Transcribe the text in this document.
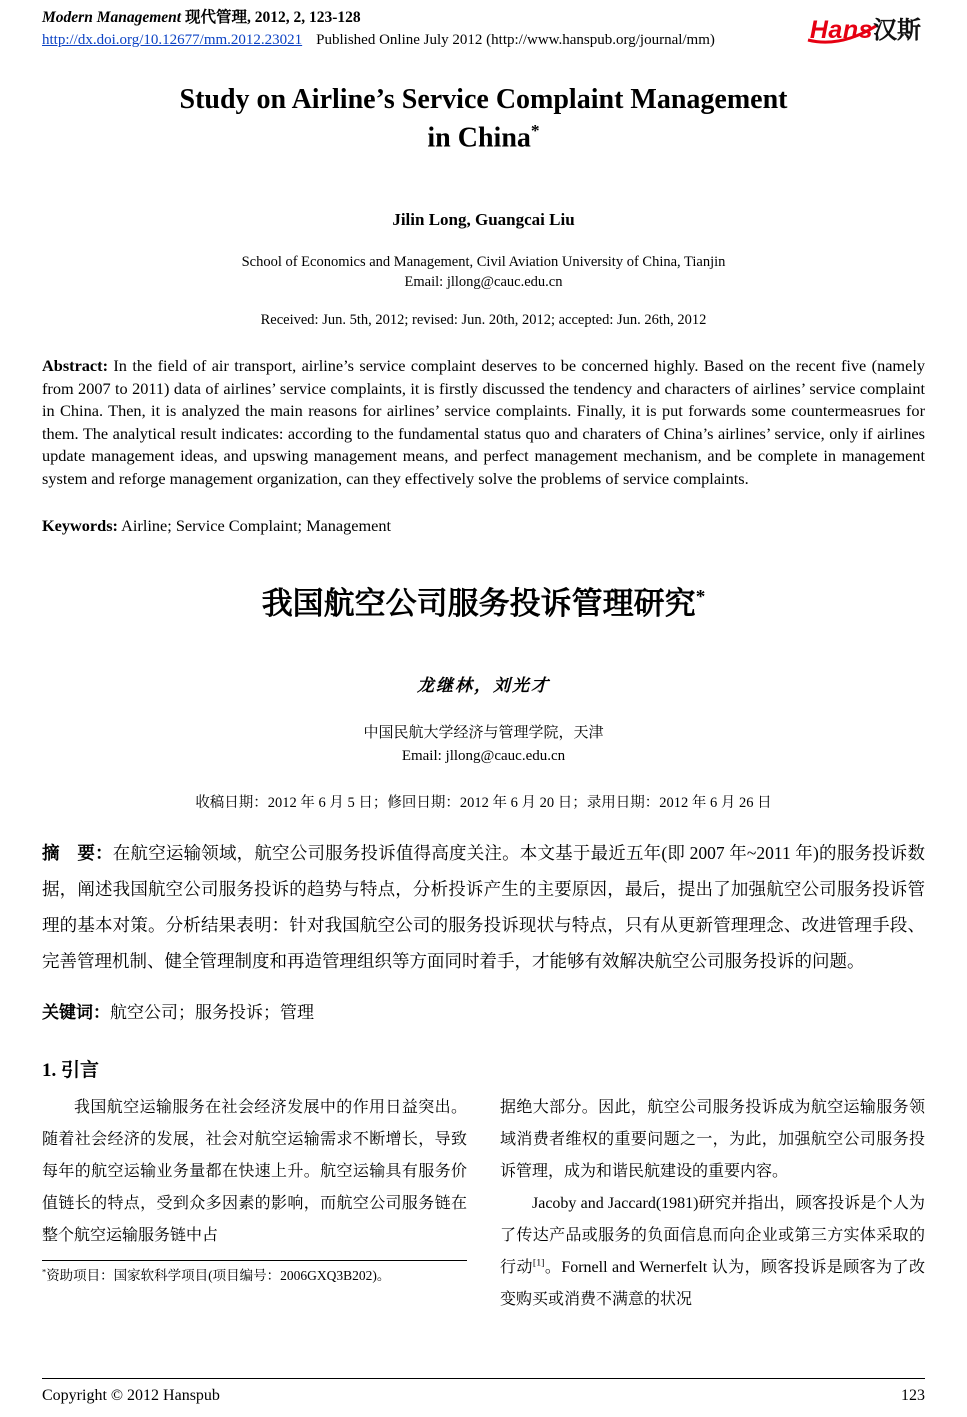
Modern Management 现代管理, 2012, 2, 123-128
http://dx.doi.org/10.12677/mm.2012.23021 Published Online July 2012 (http://www.hanspub.org/journal/mm)	Hans汉斯
Study on Airline’s Service Complaint Management
in China*
Jilin Long, Guangcai Liu
School of Economics and Management, Civil Aviation University of China, Tianjin
Email: jllong@cauc.edu.cn
Received: Jun. 5th, 2012; revised: Jun. 20th, 2012; accepted: Jun. 26th, 2012
Abstract: In the field of air transport, airline’s service complaint deserves to be concerned highly. Based on the recent five (namely from 2007 to 2011) data of airlines’ service complaints, it is firstly discussed the tendency and characters of airlines’ service complaint in China. Then, it is analyzed the main reasons for airlines’ service complaints. Finally, it is put forwards some countermeasrues for them. The analytical result indicates: according to the fundamental status quo and charaters of China’s airlines’ service, only if airlines update management ideas, and upswing management means, and perfect management mechanism, and be complete in management system and reforge management organization, can they effectively solve the problems of service complaints.
Keywords: Airline; Service Complaint; Management
我国航空公司服务投诉管理研究*
龙继林，刘光才
中国民航大学经济与管理学院，天津
Email: jllong@cauc.edu.cn
收稿日期：2012 年 6 月 5 日；修回日期：2012 年 6 月 20 日；录用日期：2012 年 6 月 26 日
摘　要：在航空运输领域，航空公司服务投诉值得高度关注。本文基于最近五年(即 2007 年~2011 年)的服务投诉数据，阐述我国航空公司服务投诉的趋势与特点，分析投诉产生的主要原因，最后，提出了加强航空公司服务投诉管理的基本对策。分析结果表明：针对我国航空公司的服务投诉现状与特点，只有从更新管理理念、改进管理手段、完善管理机制、健全管理制度和再造管理组织等方面同时着手，才能够有效解决航空公司服务投诉的问题。
关键词：航空公司；服务投诉；管理
1. 引言

我国航空运输服务在社会经济发展中的作用日益突出。随着社会经济的发展，社会对航空运输需求不断增长，导致每年的航空运输业务量都在快速上升。航空运输具有服务价值链长的特点，受到众多因素的影响，而航空公司服务链在整个航空运输服务链中占

*资助项目：国家软科学项目(项目编号：2006GXQ3B202)。

据绝大部分。因此，航空公司服务投诉成为航空运输服务领域消费者维权的重要问题之一，为此，加强航空公司服务投诉管理，成为和谐民航建设的重要内容。

Jacoby and Jaccard(1981)研究并指出，顾客投诉是个人为了传达产品或服务的负面信息而向企业或第三方实体采取的行动[1]。Fornell and Wernerfelt 认为，顾客投诉是顾客为了改变购买或消费不满意的状况

Copyright © 2012 Hanspub	123
